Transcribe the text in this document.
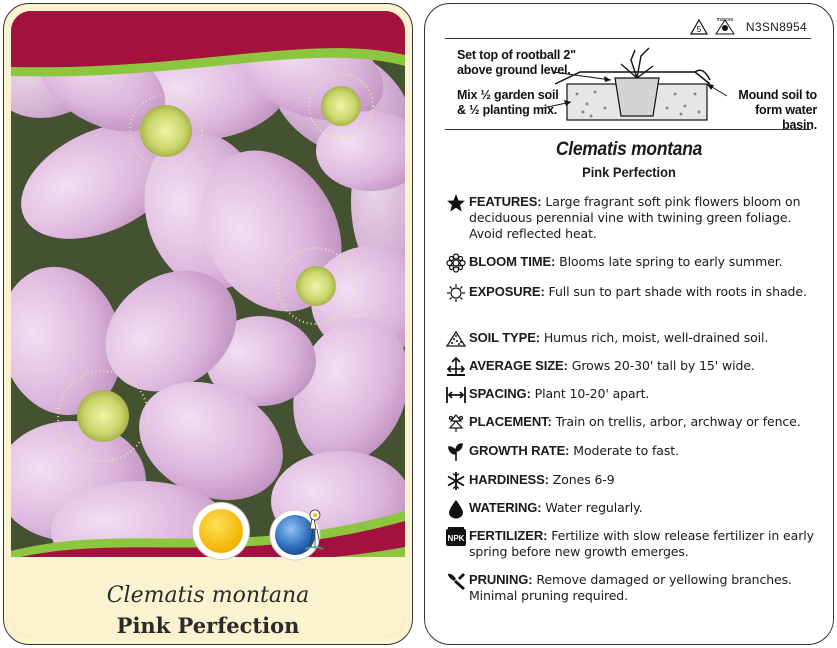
Clematis montana
Pink Perfection
5
macore N3SN8954
Set top of rootball 2" above ground level.
Mix ½ garden soil & ½ planting mix.
Mound soil to form water basin.
Clematis montana
Pink Perfection
FEATURES: Large fragrant soft pink flowers bloom on deciduous perennial vine with twining green foliage. Avoid reflected heat.
BLOOM TIME: Blooms late spring to early summer.
EXPOSURE: Full sun to part shade with roots in shade.
SOIL TYPE: Humus rich, moist, well-drained soil.
AVERAGE SIZE: Grows 20-30' tall by 15' wide.
SPACING: Plant 10-20' apart.
PLACEMENT: Train on trellis, arbor, archway or fence.
GROWTH RATE: Moderate to fast.
HARDINESS: Zones 6-9
WATERING: Water regularly.
NPK FERTILIZER: Fertilize with slow release fertilizer in early spring before new growth emerges.
PRUNING: Remove damaged or yellowing branches. Minimal pruning required.
